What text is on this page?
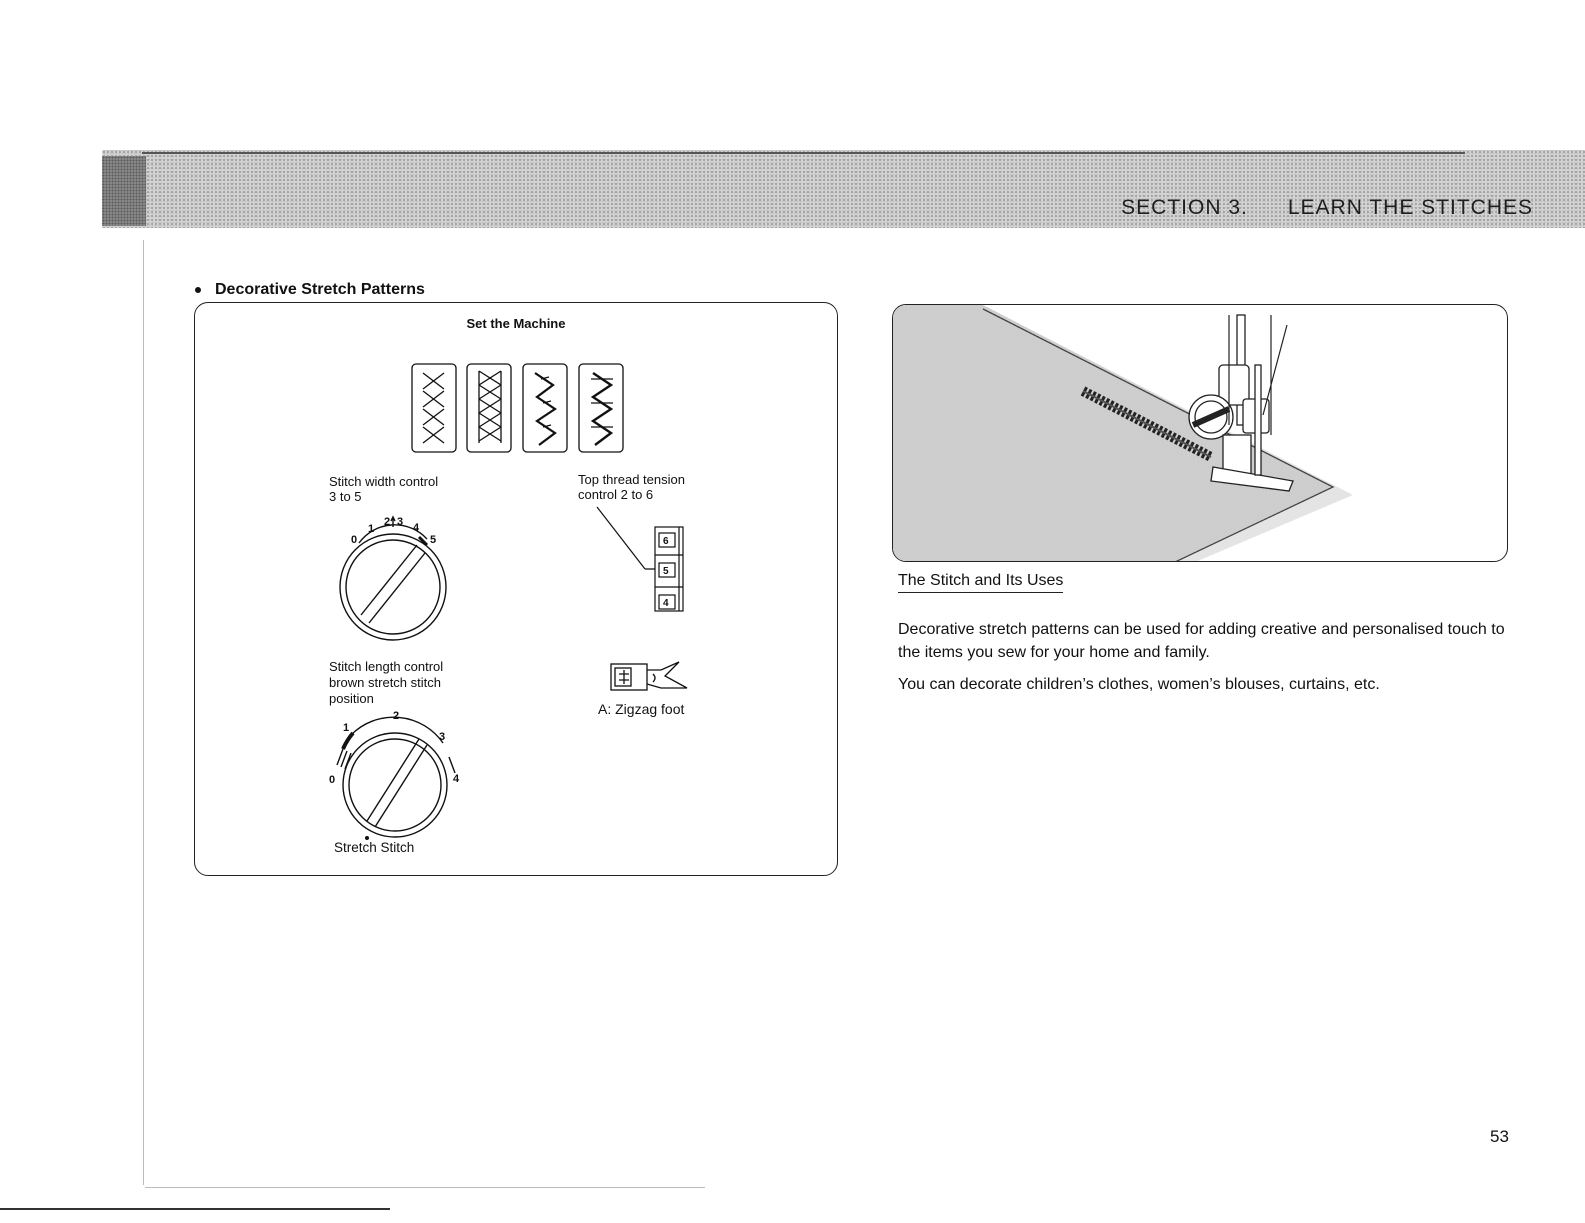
SECTION 3. LEARN THE STITCHES
Decorative Stretch Patterns
Set the Machine
Stitch width control
3 to 5
0
1
2 3 4
5
Top thread tension
control 2 to 6
6
5
4
Stitch length control
brown stretch stitch
position
0
1
2
3
4
Stretch Stitch
A: Zigzag foot
The Stitch and Its Uses
Decorative stretch patterns can be used for adding creative and personalised touch to the items you sew for your home and family.
You can decorate children’s clothes, women’s blouses, curtains, etc.
53
